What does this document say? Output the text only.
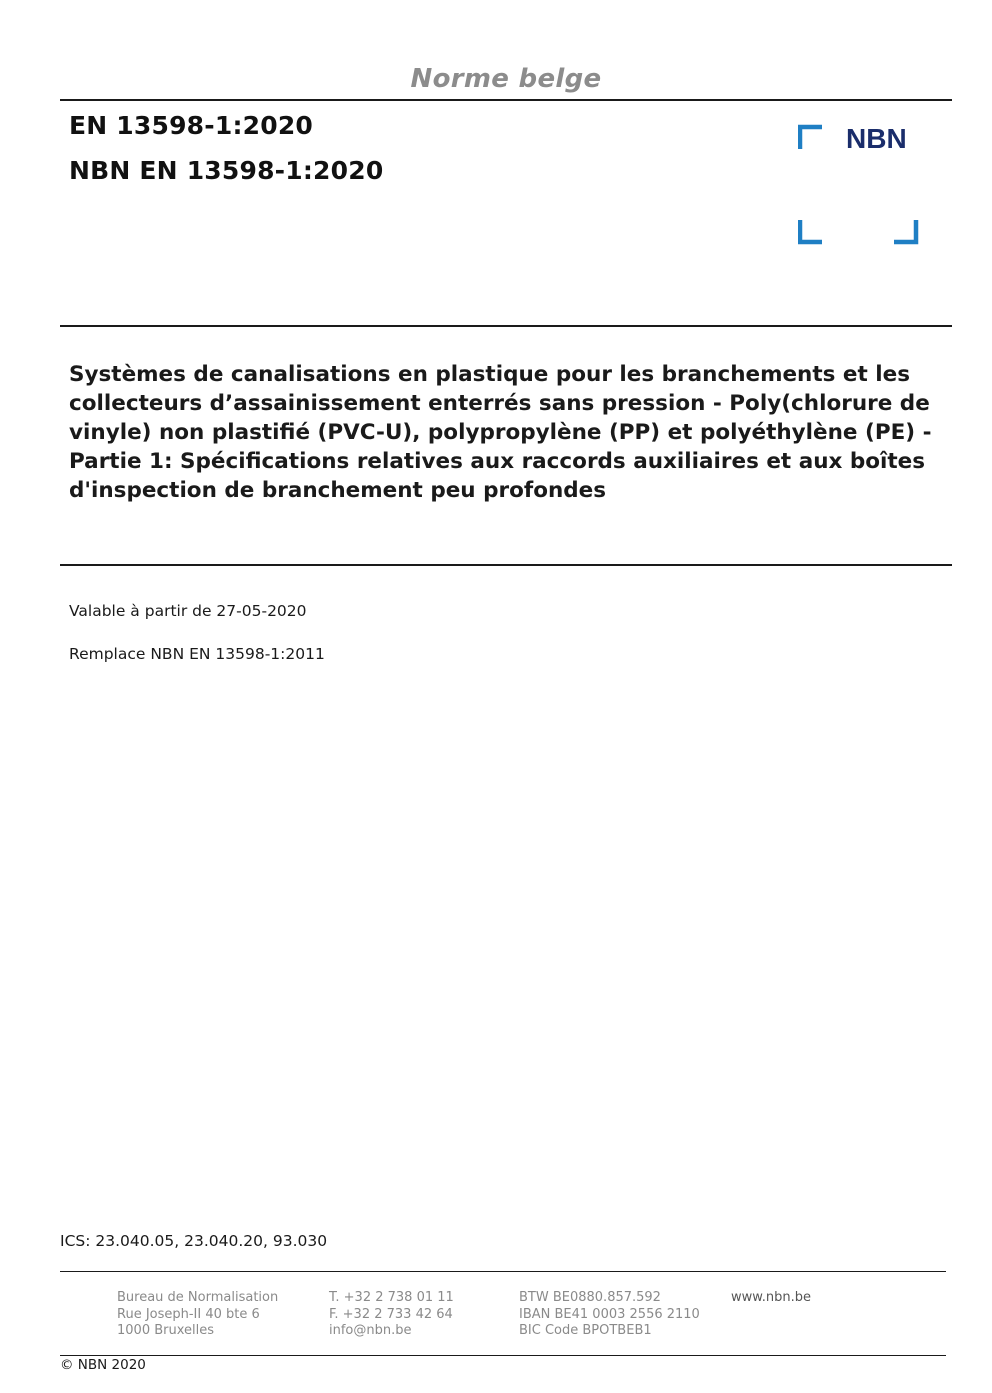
Norme belge
EN 13598-1:2020
NBN EN 13598-1:2020
NBN
Systèmes de canalisations en plastique pour les branchements et les collecteurs d’assainissement enterrés sans pression - Poly(chlorure de vinyle) non plastifié (PVC-U), polypropylène (PP) et polyéthylène (PE) - Partie 1: Spécifications relatives aux raccords auxiliaires et aux boîtes d'inspection de branchement peu profondes
Valable à partir de 27-05-2020
Remplace NBN EN 13598-1:2011
ICS: 23.040.05, 23.040.20, 93.030
Bureau de Normalisation
Rue Joseph-II 40 bte 6
1000 Bruxelles
T. +32 2 738 01 11
F. +32 2 733 42 64
info@nbn.be
BTW BE0880.857.592
IBAN BE41 0003 2556 2110
BIC Code BPOTBEB1
www.nbn.be
© NBN 2020
